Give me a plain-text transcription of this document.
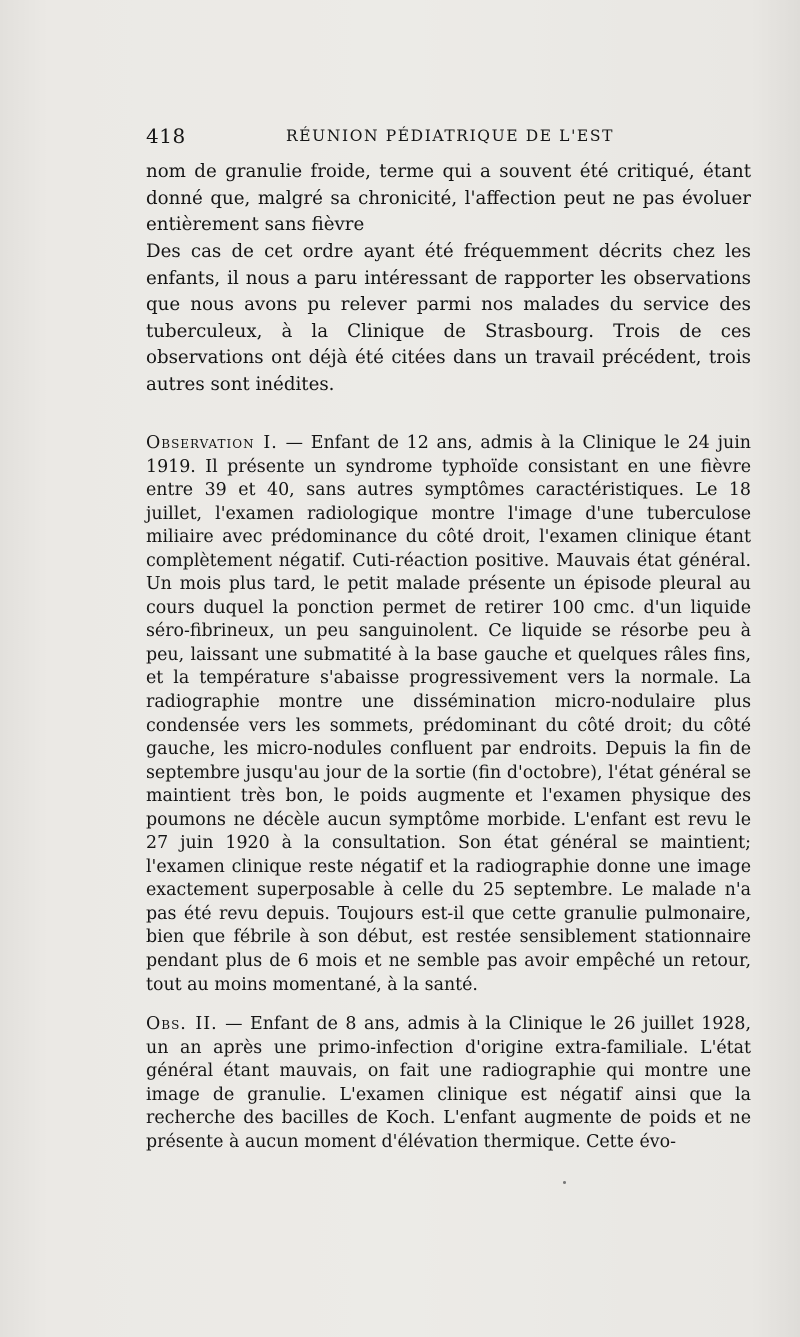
418	RÉUNION PÉDIATRIQUE DE L'EST

nom de granulie froide, terme qui a souvent été critiqué, étant donné que, malgré sa chronicité, l'affection peut ne pas évoluer entièrement sans fièvre

Des cas de cet ordre ayant été fréquemment décrits chez les enfants, il nous a paru intéressant de rapporter les observations que nous avons pu relever parmi nos malades du service des tuberculeux, à la Clinique de Strasbourg. Trois de ces observations ont déjà été citées dans un travail précédent, trois autres sont inédites.

Observation I. — Enfant de 12 ans, admis à la Clinique le 24 juin 1919. Il présente un syndrome typhoïde consistant en une fièvre entre 39 et 40, sans autres symptômes caractéristiques. Le 18 juillet, l'examen radiologique montre l'image d'une tuberculose miliaire avec prédominance du côté droit, l'examen clinique étant complètement négatif. Cuti-réaction positive. Mauvais état général. Un mois plus tard, le petit malade présente un épisode pleural au cours duquel la ponction permet de retirer 100 cmc. d'un liquide séro-fibrineux, un peu sanguinolent. Ce liquide se résorbe peu à peu, laissant une submatité à la base gauche et quelques râles fins, et la température s'abaisse progressivement vers la normale. La radiographie montre une dissémination micro-nodulaire plus condensée vers les sommets, prédominant du côté droit; du côté gauche, les micro-nodules confluent par endroits. Depuis la fin de septembre jusqu'au jour de la sortie (fin d'octobre), l'état général se maintient très bon, le poids augmente et l'examen physique des poumons ne décèle aucun symptôme morbide. L'enfant est revu le 27 juin 1920 à la consultation. Son état général se maintient; l'examen clinique reste négatif et la radiographie donne une image exactement superposable à celle du 25 septembre. Le malade n'a pas été revu depuis. Toujours est-il que cette granulie pulmonaire, bien que fébrile à son début, est restée sensiblement stationnaire pendant plus de 6 mois et ne semble pas avoir empêché un retour, tout au moins momentané, à la santé.

Obs. II. — Enfant de 8 ans, admis à la Clinique le 26 juillet 1928, un an après une primo-infection d'origine extra-familiale. L'état général étant mauvais, on fait une radiographie qui montre une image de granulie. L'examen clinique est négatif ainsi que la recherche des bacilles de Koch. L'enfant augmente de poids et ne présente à aucun moment d'élévation thermique. Cette évo-
